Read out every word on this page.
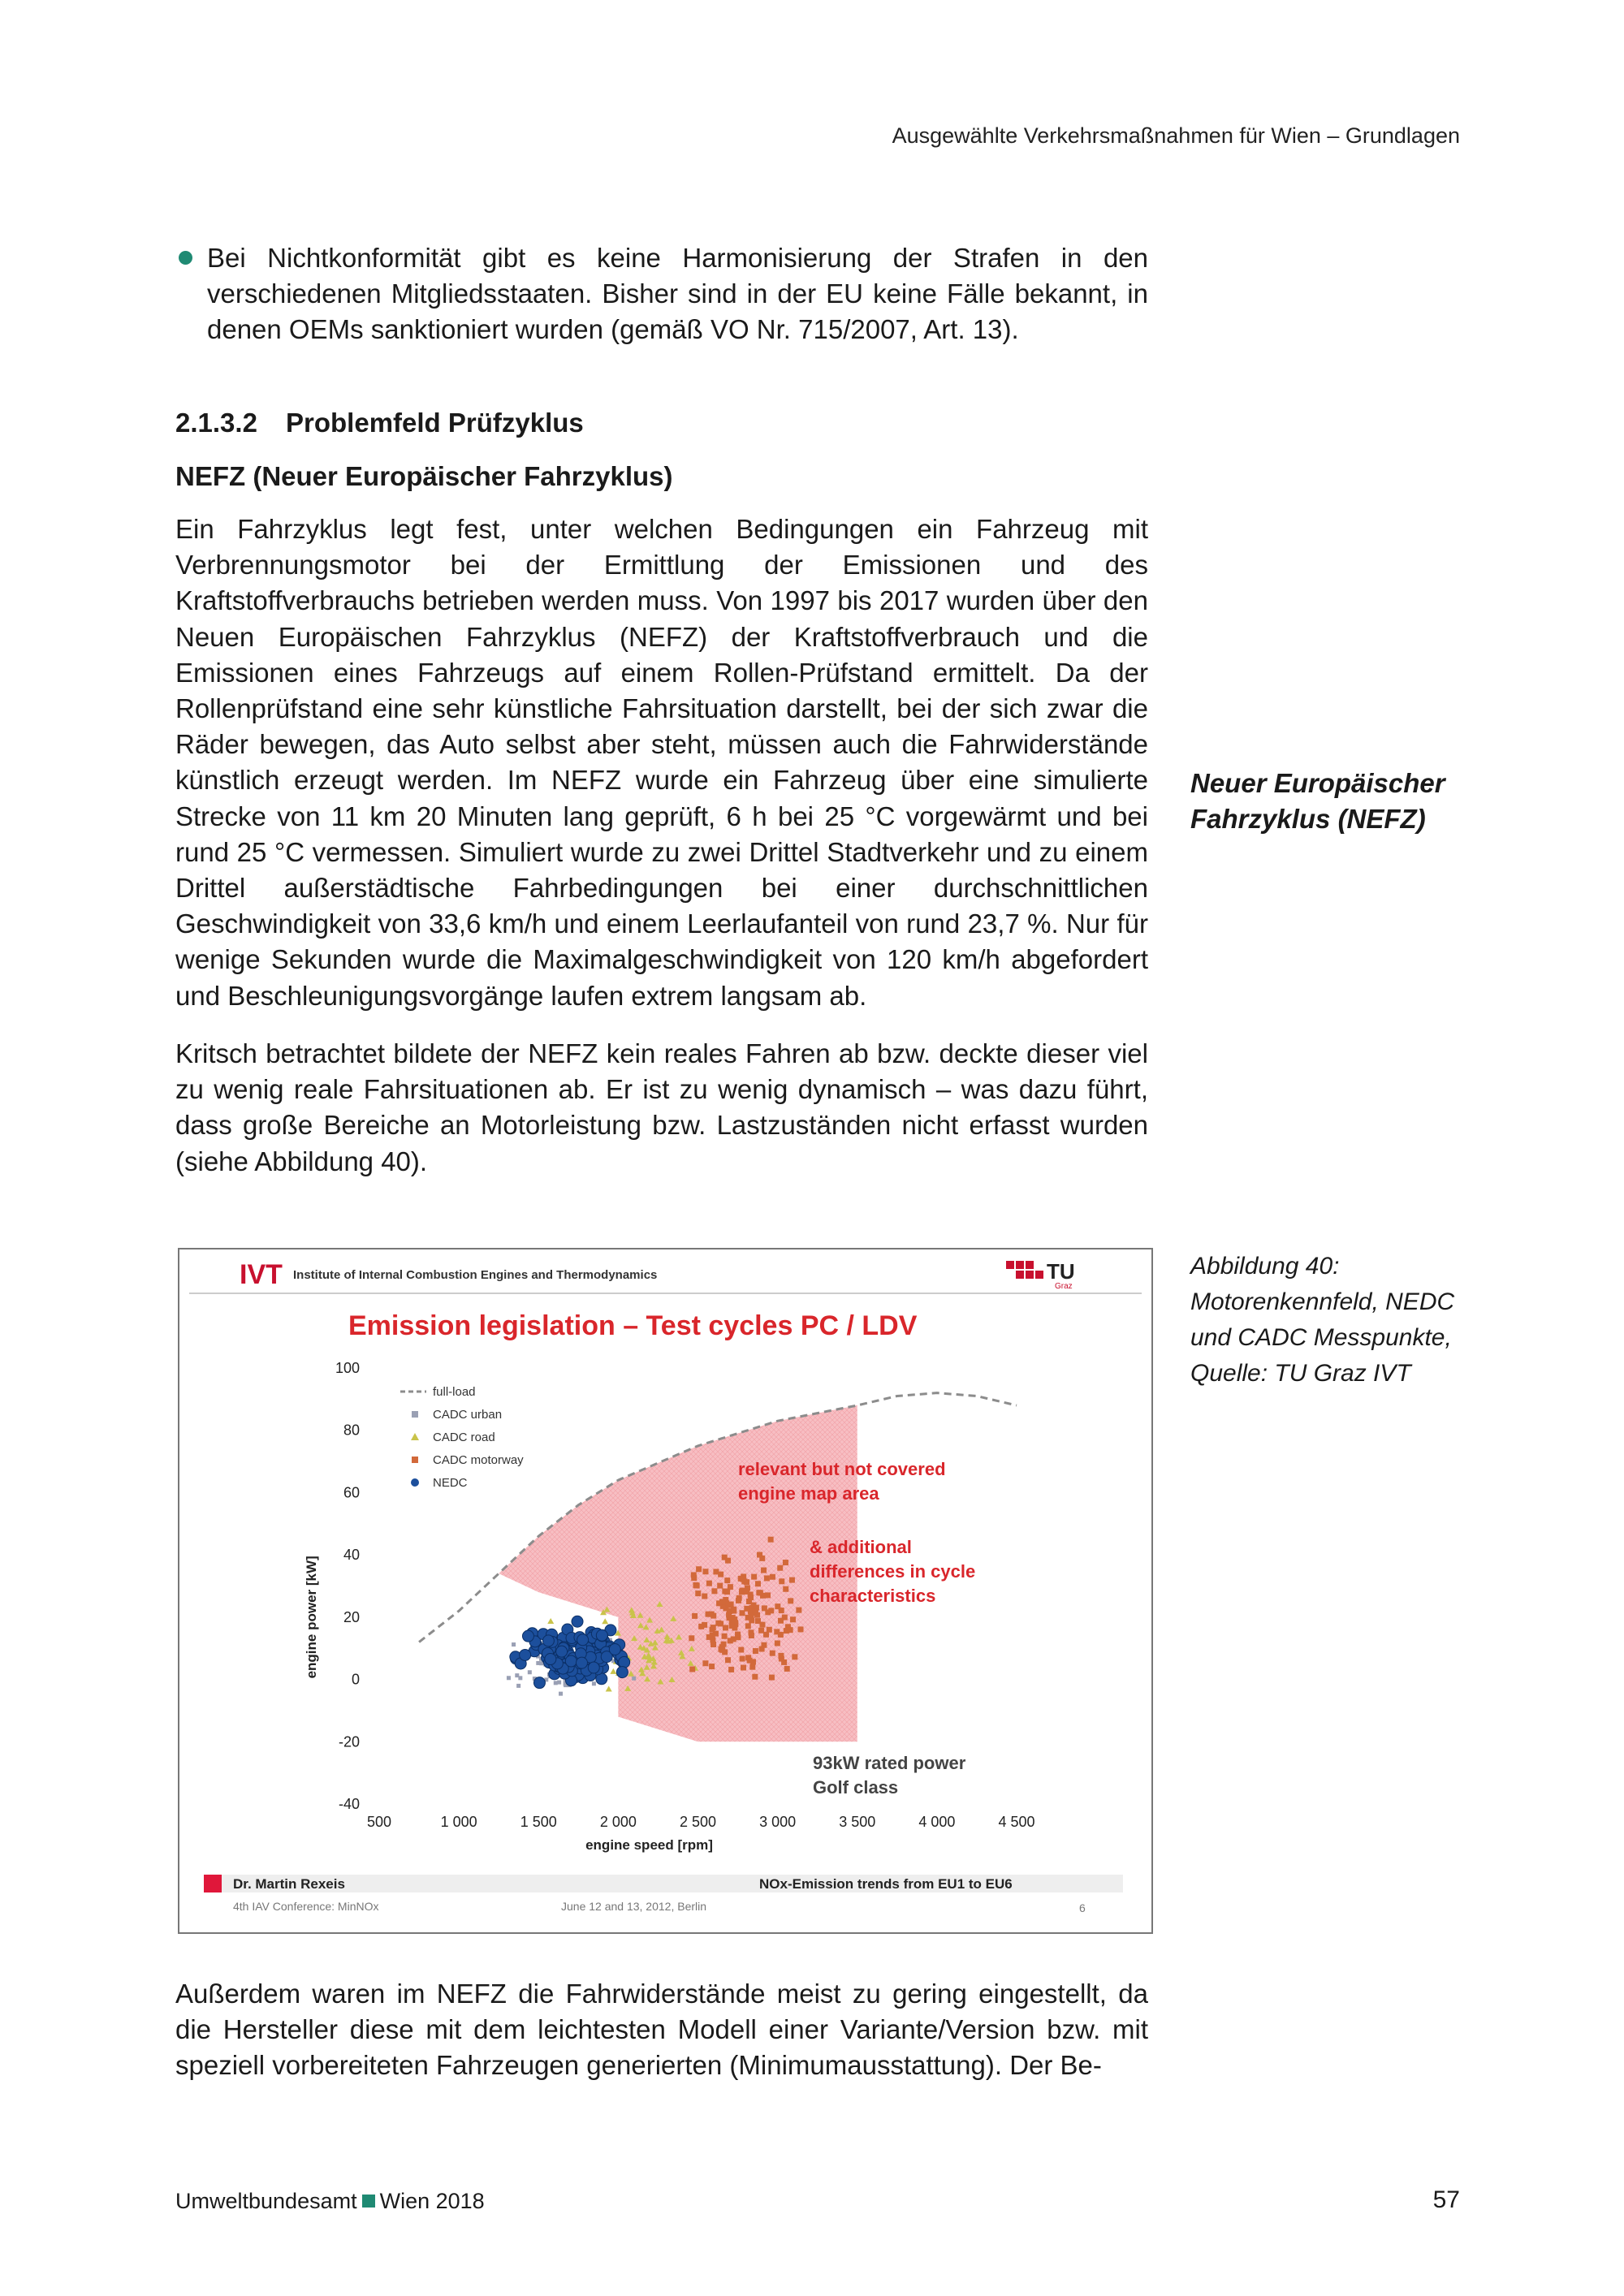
Ausgewählte Verkehrsmaßnahmen für Wien – Grundlagen
Bei Nichtkonformität gibt es keine Harmonisierung der Strafen in den verschiedenen Mitgliedsstaaten. Bisher sind in der EU keine Fälle bekannt, in denen OEMs sanktioniert wurden (gemäß VO Nr. 715/2007, Art. 13).
2.1.3.2 Problemfeld Prüfzyklus
NEFZ (Neuer Europäischer Fahrzyklus)

Ein Fahrzyklus legt fest, unter welchen Bedingungen ein Fahrzeug mit Verbrennungsmotor bei der Ermittlung der Emissionen und des Kraftstoffverbrauchs betrieben werden muss. Von 1997 bis 2017 wurden über den Neuen Europäischen Fahrzyklus (NEFZ) der Kraftstoffverbrauch und die Emissionen eines Fahrzeugs auf einem Rollen-Prüfstand ermittelt. Da der Rollenprüfstand eine sehr künstliche Fahrsituation darstellt, bei der sich zwar die Räder bewegen, das Auto selbst aber steht, müssen auch die Fahrwiderstände künstlich erzeugt werden. Im NEFZ wurde ein Fahrzeug über eine simulierte Strecke von 11 km 20 Minuten lang geprüft, 6 h bei 25 °C vorgewärmt und bei rund 25 °C vermessen. Simuliert wurde zu zwei Drittel Stadtverkehr und zu einem Drittel außerstädtische Fahrbedingungen bei einer durchschnittlichen Geschwindigkeit von 33,6 km/h und einem Leerlaufanteil von rund 23,7 %. Nur für wenige Sekunden wurde die Maximalgeschwindigkeit von 120 km/h abgefordert und Beschleunigungsvorgänge laufen extrem langsam ab.

Kritsch betrachtet bildete der NEFZ kein reales Fahren ab bzw. deckte dieser viel zu wenig reale Fahrsituationen ab. Er ist zu wenig dynamisch – was dazu führt, dass große Bereiche an Motorleistung bzw. Lastzuständen nicht erfasst wurden (siehe Abbildung 40).

Neuer Europäischer Fahrzyklus (NEFZ)
IVT Institute of Internal Combustion Engines and Thermodynamics	TU
Graz
Emission legislation – Test cycles PC / LDV
-40
-20
0
20
40
60
80
100
500	1 000	1 500	2 000	2 500	3 000	3 500	4 000	4 500
engine speed [rpm]
engine power [kW]
full-load
CADC urban
CADC road
CADC motorway
NEDC
relevant but not covered
engine map area
& additional
differences in cycle
characteristics
93kW rated power
Golf class
Dr. Martin Rexeis	NOx-Emission trends from EU1 to EU6
4th IAV Conference: MinNOx	June 12 and 13, 2012, Berlin	6
Abbildung 40: Motorenkennfeld, NEDC und CADC Messpunkte, Quelle: TU Graz IVT

Außerdem waren im NEFZ die Fahrwiderstände meist zu gering eingestellt, da die Hersteller diese mit dem leichtesten Modell einer Variante/Version bzw. mit speziell vorbereiteten Fahrzeugen generierten (Minimumausstattung). Der Be-

Umweltbundesamt Wien 2018	57
